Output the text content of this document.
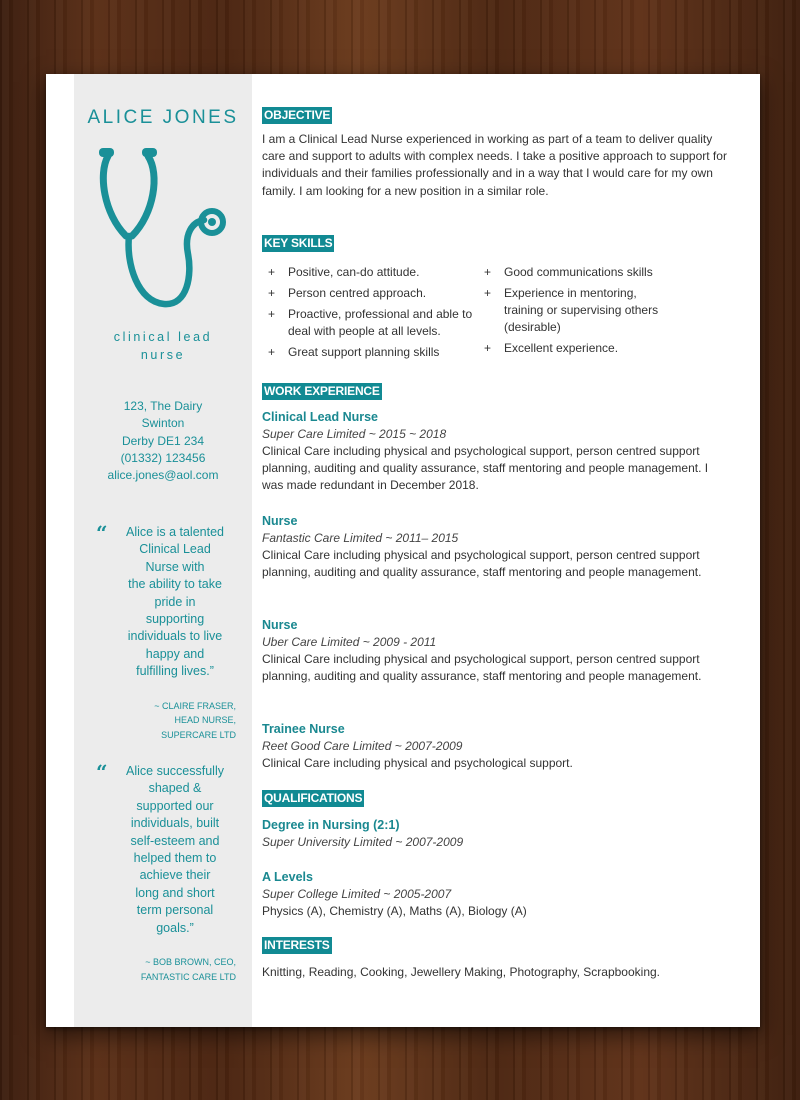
ALICE JONES
clinical lead
nurse
123, The Dairy
Swinton
Derby DE1 234
(01332) 123456
alice.jones@aol.com
“	Alice is a talented
Clinical Lead
Nurse with
the ability to take
pride in
supporting
individuals to live
happy and
fulfilling lives.”
~ CLAIRE FRASER,
HEAD NURSE,
SUPERCARE LTD
“	Alice successfully
shaped &
supported our
individuals, built
self-esteem and
helped them to
achieve their
long and short
term personal
goals.”
~ BOB BROWN, CEO,
FANTASTIC CARE LTD
OBJECTIVE
I am a Clinical Lead Nurse experienced in working as part of a team to deliver quality care and support to adults with complex needs. I take a positive approach to support for individuals and their families professionally and in a way that I would care for my own family. I am looking for a new position in a similar role.
KEY SKILLS
+ Positive, can-do attitude.
+ Person centred approach.
+ Proactive, professional and able to deal with people at all levels.
+ Great support planning skills
+ Good communications skills
+ Experience in mentoring, training or supervising others (desirable)
+ Excellent experience.
WORK EXPERIENCE
Clinical Lead Nurse
Super Care Limited ~ 2015 ~ 2018
Clinical Care including physical and psychological support, person centred support planning, auditing and quality assurance, staff mentoring and people management. I was made redundant in December 2018.
Nurse
Fantastic Care Limited ~ 2011– 2015
Clinical Care including physical and psychological support, person centred support planning, auditing and quality assurance, staff mentoring and people management.
Nurse
Uber Care Limited ~ 2009 - 2011
Clinical Care including physical and psychological support, person centred support planning, auditing and quality assurance, staff mentoring and people management.
Trainee Nurse
Reet Good Care Limited ~ 2007-2009
Clinical Care including physical and psychological support.
QUALIFICATIONS
Degree in Nursing (2:1)
Super University Limited ~ 2007-2009
A Levels
Super College Limited ~ 2005-2007
Physics (A), Chemistry (A), Maths (A), Biology (A)
INTERESTS
Knitting, Reading, Cooking, Jewellery Making, Photography, Scrapbooking.
